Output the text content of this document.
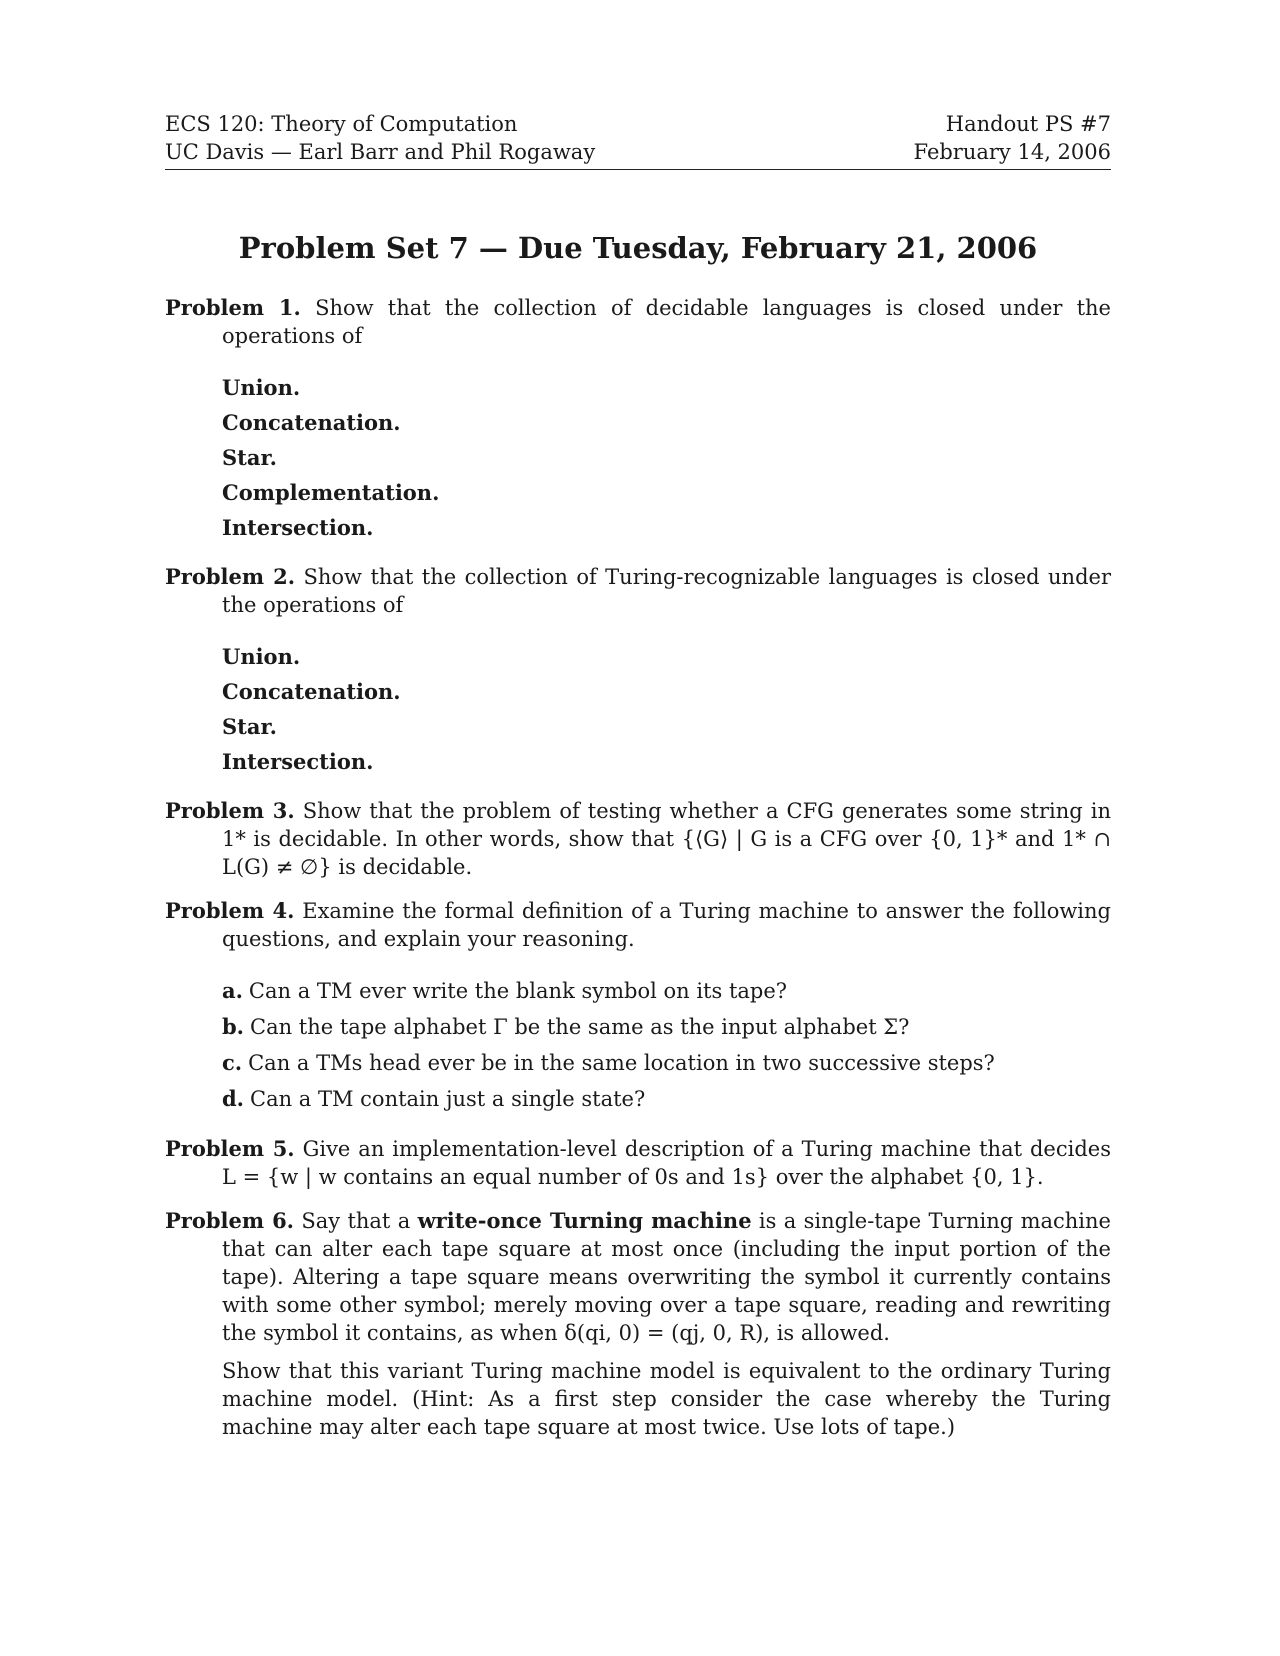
ECS 120: Theory of Computation
UC Davis — Earl Barr and Phil Rogaway
Handout PS #7
February 14, 2006
Problem Set 7 — Due Tuesday, February 21, 2006
Problem 1. Show that the collection of decidable languages is closed under the operations of
Union.
Concatenation.
Star.
Complementation.
Intersection.
Problem 2. Show that the collection of Turing-recognizable languages is closed under the operations of
Union.
Concatenation.
Star.
Intersection.
Problem 3. Show that the problem of testing whether a CFG generates some string in 1* is decidable. In other words, show that {⟨G⟩ | G is a CFG over {0, 1}* and 1* ∩ L(G) ≠ ∅} is decidable.
Problem 4. Examine the formal definition of a Turing machine to answer the following questions, and explain your reasoning.
a. Can a TM ever write the blank symbol on its tape?
b. Can the tape alphabet Γ be the same as the input alphabet Σ?
c. Can a TMs head ever be in the same location in two successive steps?
d. Can a TM contain just a single state?
Problem 5. Give an implementation-level description of a Turing machine that decides L = {w | w contains an equal number of 0s and 1s} over the alphabet {0, 1}.
Problem 6. Say that a write-once Turning machine is a single-tape Turning machine that can alter each tape square at most once (including the input portion of the tape). Altering a tape square means overwriting the symbol it currently contains with some other symbol; merely moving over a tape square, reading and rewriting the symbol it contains, as when δ(qi, 0) = (qj, 0, R), is allowed.
Show that this variant Turing machine model is equivalent to the ordinary Turing machine model. (Hint: As a first step consider the case whereby the Turing machine may alter each tape square at most twice. Use lots of tape.)
